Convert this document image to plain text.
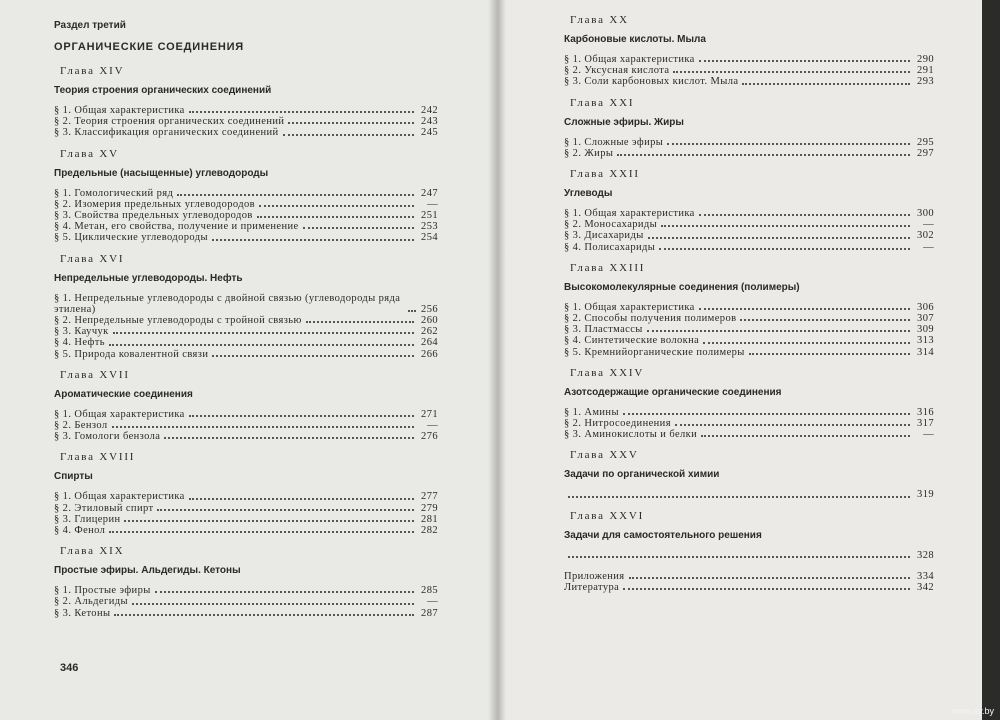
Раздел третий
ОРГАНИЧЕСКИЕ СОЕДИНЕНИЯ
Глава XIV
Теория строения органических соединений
§ 1. Общая характеристика	242
§ 2. Теория строения органических соединений	243
§ 3. Классификация органических соединений	245
Глава XV
Предельные (насыщенные) углеводороды
§ 1. Гомологический ряд	247
§ 2. Изомерия предельных углеводородов	—
§ 3. Свойства предельных углеводородов	251
§ 4. Метан, его свойства, получение и применение	253
§ 5. Циклические углеводороды	254
Глава XVI
Непредельные углеводороды. Нефть
§ 1. Непредельные углеводороды с двойной связью (углеводороды ряда этилена)	256
§ 2. Непредельные углеводороды с тройной связью	260
§ 3. Каучук	262
§ 4. Нефть	264
§ 5. Природа ковалентной связи	266
Глава XVII
Ароматические соединения
§ 1. Общая характеристика	271
§ 2. Бензол	—
§ 3. Гомологи бензола	276
Глава XVIII
Спирты
§ 1. Общая характеристика	277
§ 2. Этиловый спирт	279
§ 3. Глицерин	281
§ 4. Фенол	282
Глава XIX
Простые эфиры. Альдегиды. Кетоны
§ 1. Простые эфиры	285
§ 2. Альдегиды	—
§ 3. Кетоны	287
346
Глава XX
Карбоновые кислоты. Мыла
§ 1. Общая характеристика	290
§ 2. Уксусная кислота	291
§ 3. Соли карбоновых кислот. Мыла	293
Глава XXI
Сложные эфиры. Жиры
§ 1. Сложные эфиры	295
§ 2. Жиры	297
Глава XXII
Углеводы
§ 1. Общая характеристика	300
§ 2. Моносахариды	—
§ 3. Дисахариды	302
§ 4. Полисахариды	—
Глава XXIII
Высокомолекулярные соединения (полимеры)
§ 1. Общая характеристика	306
§ 2. Способы получения полимеров	307
§ 3. Пластмассы	309
§ 4. Синтетические волокна	313
§ 5. Кремнийорганические полимеры	314
Глава XXIV
Азотсодержащие органические соединения
§ 1. Амины	316
§ 2. Нитросоединения	317
§ 3. Аминокислоты и белки	—
Глава XXV
Задачи по органической химии
319
Глава XXVI
Задачи для самостоятельного решения
328
Приложения	334
Литература	342
www.ay.by
